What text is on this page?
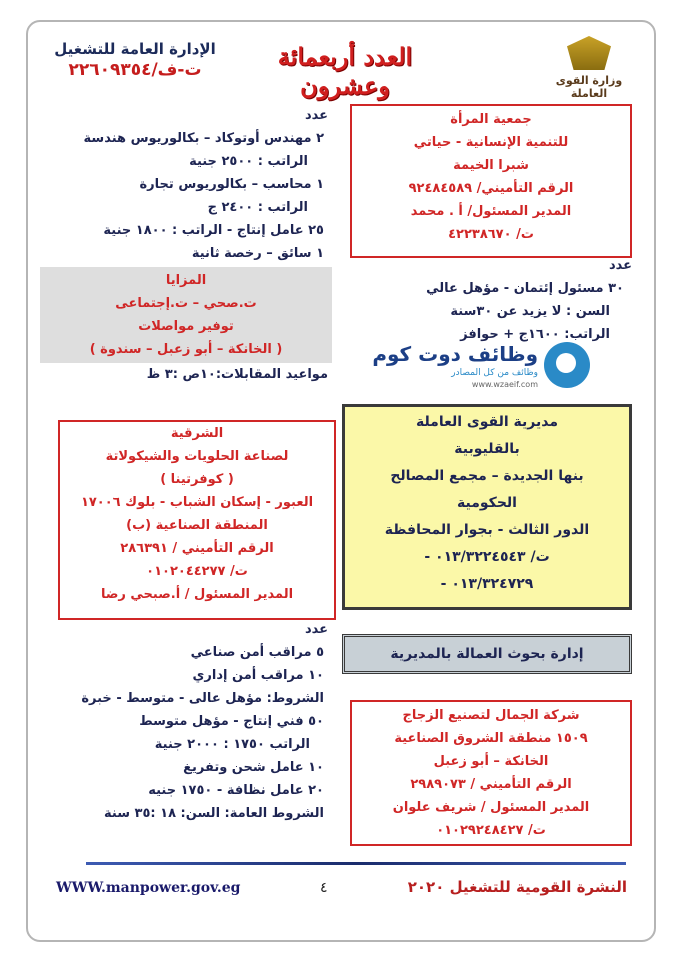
وزارة القوى العاملة
العدد أربعمائة وعشرون
الإدارة العامة للتشغيل
ت-ف/٢٢٦٠٩٣٥٤
جمعية المرأة
للتنمية الإنسانية - حياتي
شبرا الخيمة
الرقم التأميني/ ٩٢٤٨٤٥٨٩
المدير المسئول/ أ . محمد
ت/ ٤٢٢٣٨٦٧٠
عدد
٣٠ مسئول إئتمان - مؤهل عالي
السن : لا يزيد عن ٣٠سنة
الراتب: ١٦٠٠ج + حوافز
وظائف دوت كوم
وظائف من كل المصادر
www.wzaeif.com
عدد
٢ مهندس أوتوكاد – بكالوريوس هندسة
الراتب : ٢٥٠٠ جنية
١ محاسب – بكالوريوس تجارة
الراتب : ٢٤٠٠ ج
٢٥ عامل إنتاج - الراتب : ١٨٠٠ جنية
١ سائق – رخصة ثانية
المزايا
ت.صحي – ت.إجتماعى
توفير مواصلات
( الخانكة – أبو زعبل – سندوة )
مواعيد المقابلات:١٠ص :٣ ظ
الشرقية
لصناعة الحلويات والشيكولاتة
( كوفرتينا )
العبور - إسكان الشباب - بلوك ١٧٠٠٦
المنطقة الصناعية (ب)
الرقم التأميني / ٢٨٦٣٩١
ت/ ٠١٠٢٠٤٤٢٧٧
المدير المسئول / أ.صبحي رضا
عدد
٥ مراقب أمن صناعي
١٠ مراقب أمن إداري
الشروط: مؤهل عالى - متوسط - خبرة
٥٠ فني إنتاج - مؤهل متوسط
الراتب ١٧٥٠ : ٢٠٠٠ جنية
١٠ عامل شحن وتفريغ
٢٠ عامل نظافة - ١٧٥٠ جنيه
الشروط العامة: السن: ١٨ :٣٥ سنة
مديرية القوى العاملة
بالقليوبية
بنها الجديدة – مجمع المصالح
الحكومية
الدور الثالث - بجوار المحافظة
ت/ ٠١٣/٣٢٢٤٥٤٣ -
٠١٣/٣٢٤٧٢٩ -
إدارة بحوث العمالة بالمديرية
شركة الجمال لتصنيع الزجاج
١٥٠٩ منطقة الشروق الصناعية
الخانكة – أبو زعبل
الرقم التأميني / ٢٩٨٩٠٧٣
المدير المسئول / شريف علوان
ت/ ٠١٠٢٩٢٤٨٤٢٧
WWW.manpower.gov.eg	٤	النشرة القومية للتشغيل ٢٠٢٠
